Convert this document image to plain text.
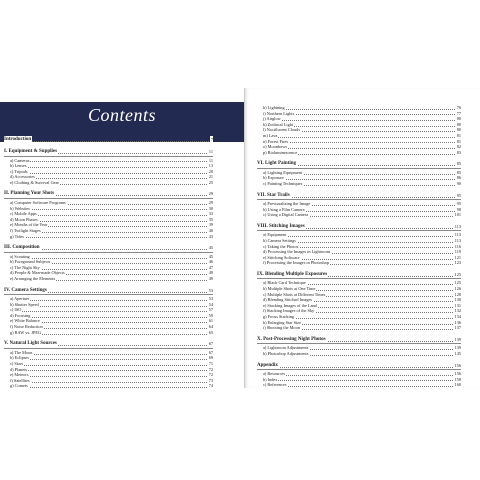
Contents
Introduction	7
I. Equipment & Supplies	11
a) Cameras	11
b) Lenses	13
c) Tripods	20
d) Accessories	21
e) Clothing & Survival Gear	25
II. Planning Your Shots	29
a) Computer Software Programs	29
b) Websites	30
c) Mobile Apps	33
d) Moon Phases	35
e) Months of the Year	39
f) Twilight Stages	40
g) Tides	43
III. Composition	45
a) Scouting	45
b) Foreground Subjects	46
c) The Night Sky	47
d) People & Man-made Objects	49
e) Arranging the Elements	49
IV. Camera Settings	53
a) Aperture	53
b) Shutter Speed	54
c) ISO	57
d) Focusing	59
e) White Balance	61
f) Noise Reduction	64
g) RAW vs. JPEG	65
V. Natural Light Sources	67
a) The Moon	67
b) Eclipses	69
c) Stars	71
d) Planets	72
e) Meteors	72
f) Satellites	73
g) Comets	74
h) Lightning	76
i) Northern Lights	77
j) Airglow	80
k) Zodiacal Light	80
l) Noctilucent Clouds	80
m) Lava	81
n) Forest Fires	81
o) Moonbows	82
p) Bioluminescence	83
VI. Light Painting	85
a) Lighting Equipment	85
b) Exposure	86
c) Painting Techniques	90
VII. Star Trails	95
a) Previsualizing the Image	95
b) Using a Film Camera	98
c) Using a Digital Camera	101
VIII. Stitching Images	113
a) Equipment	113
b) Camera Settings	113
c) Taking the Photos	116
d) Processing the Images in Lightroom	119
e) Stitching Software	121
f) Processing the Images in Photoshop	123
IX. Blending Multiple Exposures	125
a) Black Card Technique	125
b) Multiple Shots at One Time	126
c) Multiple Shots at Different Times	128
d) Blending Stitched Images	130
e) Stacking Images of the Land	131
f) Stacking Images of the Sky	132
g) Focus Stacking	134
h) Enlarging Star Size	136
i) Shooting the Moon	137
X. Post-Processing Night Photos	139
a) Lightroom Adjustments	139
b) Photoshop Adjustments	145
Appendix	156
a) Resources	156
b) Index	158
c) References	160
